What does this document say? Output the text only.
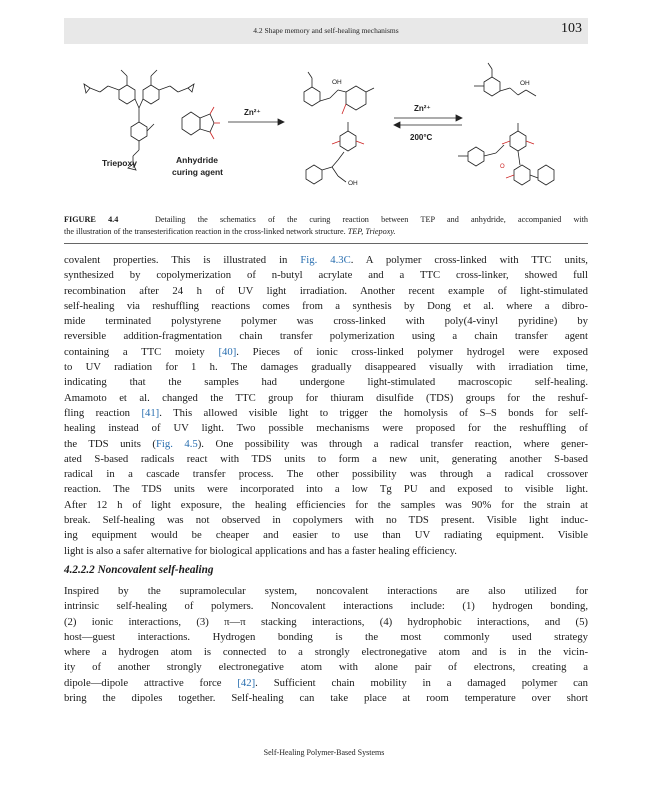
4.2 Shape memory and self-healing mechanisms	103
Triepoxy	Anhydride
curing agent
Zn²⁺
OH
OH
Zn²⁺
200°C
OH
O
FIGURE 4.4	Detailing the schematics of the curing reaction between TEP and anhydride, accompanied with
the illustration of the transesterification reaction in the cross-linked network structure. TEP, Triepoxy.
covalent properties. This is illustrated in Fig. 4.3C. A polymer cross-linked with TTC units,
synthesized by copolymerization of n-butyl acrylate and a TTC cross-linker, showed full
recombination after 24 h of UV light irradiation. Another recent example of light-stimulated
self-healing via reshuffling reactions comes from a synthesis by Dong et al. where a dibro-
mide terminated polystyrene polymer was cross-linked with poly(4-vinyl pyridine) by
reversible addition-fragmentation chain transfer polymerization using a chain transfer agent
containing a TTC moiety [40]. Pieces of ionic cross-linked polymer hydrogel were exposed
to UV radiation for 1 h. The damages gradually disappeared visually with irradiation time,
indicating that the samples had undergone light-stimulated macroscopic self-healing.
Amamoto et al. changed the TTC group for thiuram disulfide (TDS) groups for the reshuf-
fling reaction [41]. This allowed visible light to trigger the homolysis of S–S bonds for self-
healing instead of UV light. Two possible mechanisms were proposed for the reshuffling of
the TDS units (Fig. 4.5). One possibility was through a radical transfer reaction, where gener-
ated S-based radicals react with TDS units to form a new unit, generating another S-based
radical in a cascade transfer process. The other possibility was through a radical crossover
reaction. The TDS units were incorporated into a low Tg PU and exposed to visible light.
After 12 h of light exposure, the healing efficiencies for the samples was 90% for the strain at
break. Self-healing was not observed in copolymers with no TDS present. Visible light induc-
ing equipment would be cheaper and easier to use than UV radiating equipment. Visible
light is also a safer alternative for biological applications and has a faster healing efficiency.
4.2.2.2 Noncovalent self-healing
Inspired by the supramolecular system, noncovalent interactions are also utilized for
intrinsic self-healing of polymers. Noncovalent interactions include: (1) hydrogen bonding,
(2) ionic interactions, (3) π—π stacking interactions, (4) hydrophobic interactions, and (5)
host—guest interactions. Hydrogen bonding is the most commonly used strategy
where a hydrogen atom is connected to a strongly electronegative atom and is in the vicin-
ity of another strongly electronegative atom with alone pair of electrons, creating a
dipole—dipole attractive force [42]. Sufficient chain mobility in a damaged polymer can
bring the dipoles together. Self-healing can take place at room temperature over short
Self-Healing Polymer-Based Systems
